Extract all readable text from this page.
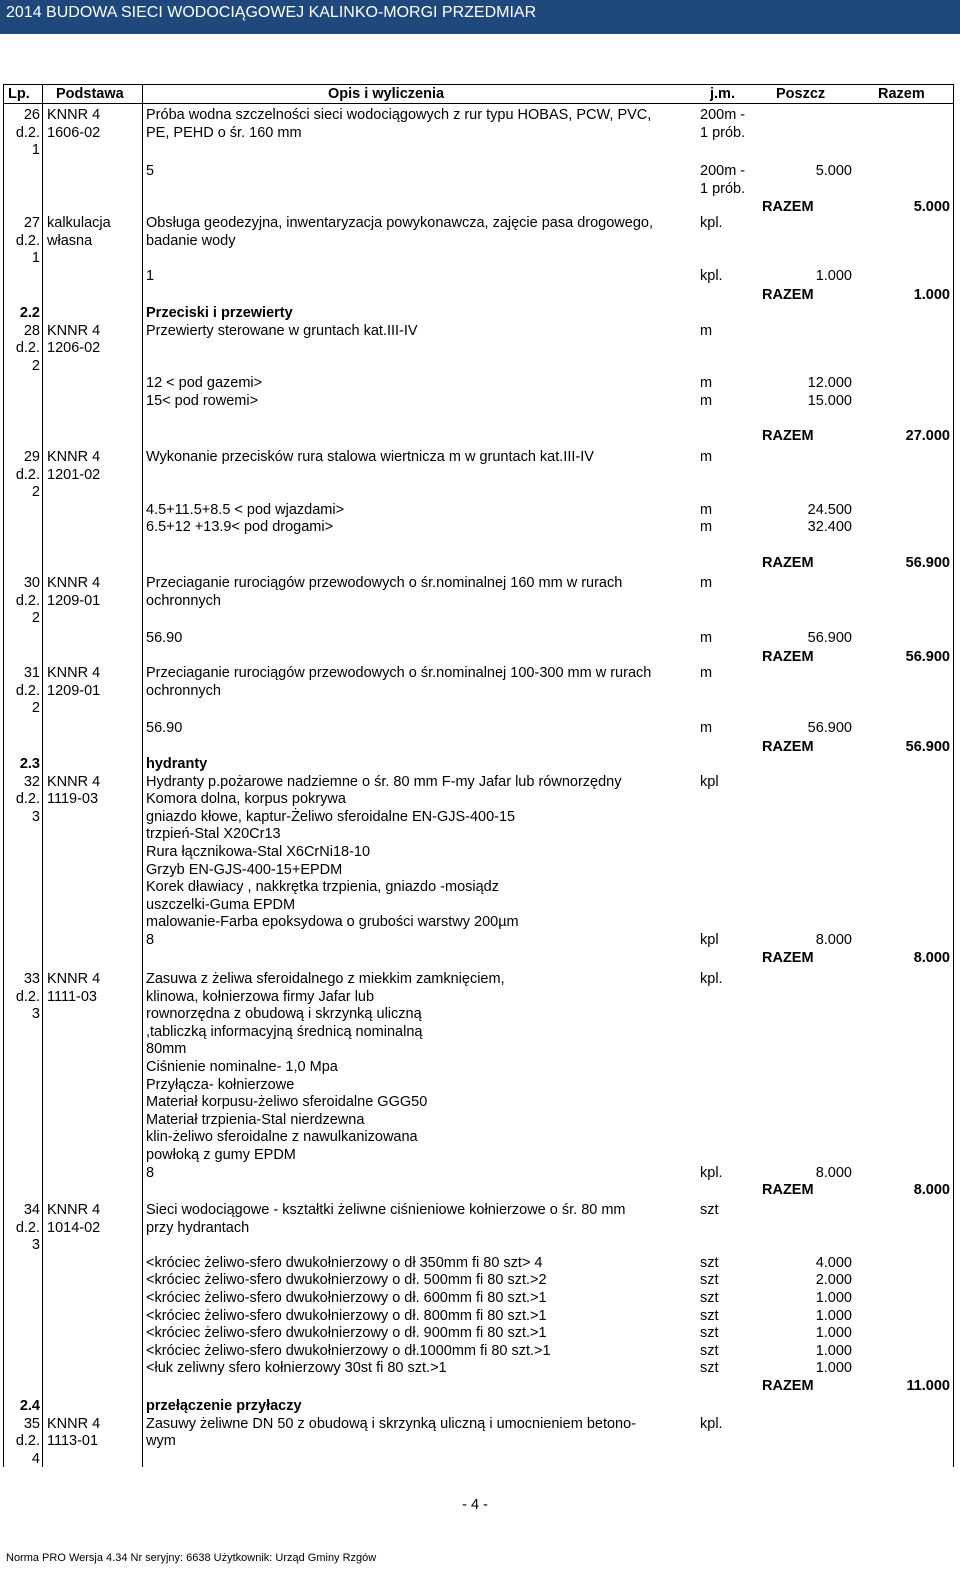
2014 BUDOWA SIECI WODOCIĄGOWEJ KALINKO-MORGI PRZEDMIAR
Lp. Podstawa	Opis i wyliczenia	j.m.	Poszcz	Razem
26 KNNR 4	Próba wodna szczelności sieci wodociągowych z rur typu HOBAS, PCW, PVC,	200m -
d.2. 1606-02	PE, PEHD o śr. 160 mm	1 prób.
1
5	200m -	5.000
1 prób.
RAZEM	5.000
27 kalkulacja	Obsługa geodezyjna, inwentaryzacja powykonawcza, zajęcie pasa drogowego,	kpl.
d.2. własna	badanie wody
1
1	kpl.	1.000
RAZEM	1.000
2.2	Przeciski i przewierty
28 KNNR 4	Przewierty sterowane w gruntach kat.III-IV	m
d.2. 1206-02
2
12 < pod gazemi>	m	12.000
15< pod rowemi>	m	15.000
RAZEM	27.000
29 KNNR 4	Wykonanie przecisków rura stalowa wiertnicza m w gruntach kat.III-IV	m
d.2. 1201-02
2
4.5+11.5+8.5 < pod wjazdami>	m	24.500
6.5+12 +13.9< pod drogami>	m	32.400
RAZEM	56.900
30 KNNR 4	Przeciaganie rurociągów przewodowych o śr.nominalnej 160 mm w rurach	m
d.2. 1209-01	ochronnych
2
56.90	m	56.900
RAZEM	56.900
31 KNNR 4	Przeciaganie rurociągów przewodowych o śr.nominalnej 100-300 mm w rurach	m
d.2. 1209-01	ochronnych
2
56.90	m	56.900
RAZEM	56.900
2.3	hydranty
32 KNNR 4	Hydranty p.pożarowe nadziemne o śr. 80 mm F-my Jafar lub równorzędny	kpl
d.2. 1119-03	Komora dolna, korpus pokrywa
3	gniazdo kłowe, kaptur-Żeliwo sferoidalne EN-GJS-400-15
trzpień-Stal X20Cr13
Rura łącznikowa-Stal X6CrNi18-10
Grzyb EN-GJS-400-15+EPDM
Korek dławiacy , nakkrętka trzpienia, gniazdo -mosiądz
uszczelki-Guma EPDM
malowanie-Farba epoksydowa o grubości warstwy 200µm
8	kpl	8.000
RAZEM	8.000
33 KNNR 4	Zasuwa z żeliwa sferoidalnego z miekkim zamknięciem,	kpl.
d.2. 1111-03	klinowa, kołnierzowa firmy Jafar lub
3	rownorzędna z obudową i skrzynką uliczną
,tabliczką informacyjną średnicą nominalną
80mm
Ciśnienie nominalne- 1,0 Mpa
Przyłącza- kołnierzowe
Materiał korpusu-żeliwo sferoidalne GGG50
Materiał trzpienia-Stal nierdzewna
klin-żeliwo sferoidalne z nawulkanizowana
powłoką z gumy EPDM
8	kpl.	8.000
RAZEM	8.000
34 KNNR 4	Sieci wodociągowe - kształtki żeliwne ciśnieniowe kołnierzowe o śr. 80 mm	szt
d.2. 1014-02	przy hydrantach
3
<króciec żeliwo-sfero dwukołnierzowy o dł 350mm fi 80 szt> 4	szt	4.000
<króciec żeliwo-sfero dwukołnierzowy o dł. 500mm fi 80 szt.>2	szt	2.000
<króciec żeliwo-sfero dwukołnierzowy o dł. 600mm fi 80 szt.>1	szt	1.000
<króciec żeliwo-sfero dwukołnierzowy o dł. 800mm fi 80 szt.>1	szt	1.000
<króciec żeliwo-sfero dwukołnierzowy o dł. 900mm fi 80 szt.>1	szt	1.000
<króciec żeliwo-sfero dwukołnierzowy o dł.1000mm fi 80 szt.>1	szt	1.000
<łuk zeliwny sfero kołnierzowy 30st fi 80 szt.>1	szt	1.000
RAZEM	11.000
2.4	przełączenie przyłaczy
35 KNNR 4	Zasuwy żeliwne DN 50 z obudową i skrzynką uliczną i umocnieniem betono-	kpl.
d.2. 1113-01	wym
4
- 4 -
Norma PRO Wersja 4.34 Nr seryjny: 6638 Użytkownik: Urząd Gminy Rzgów
